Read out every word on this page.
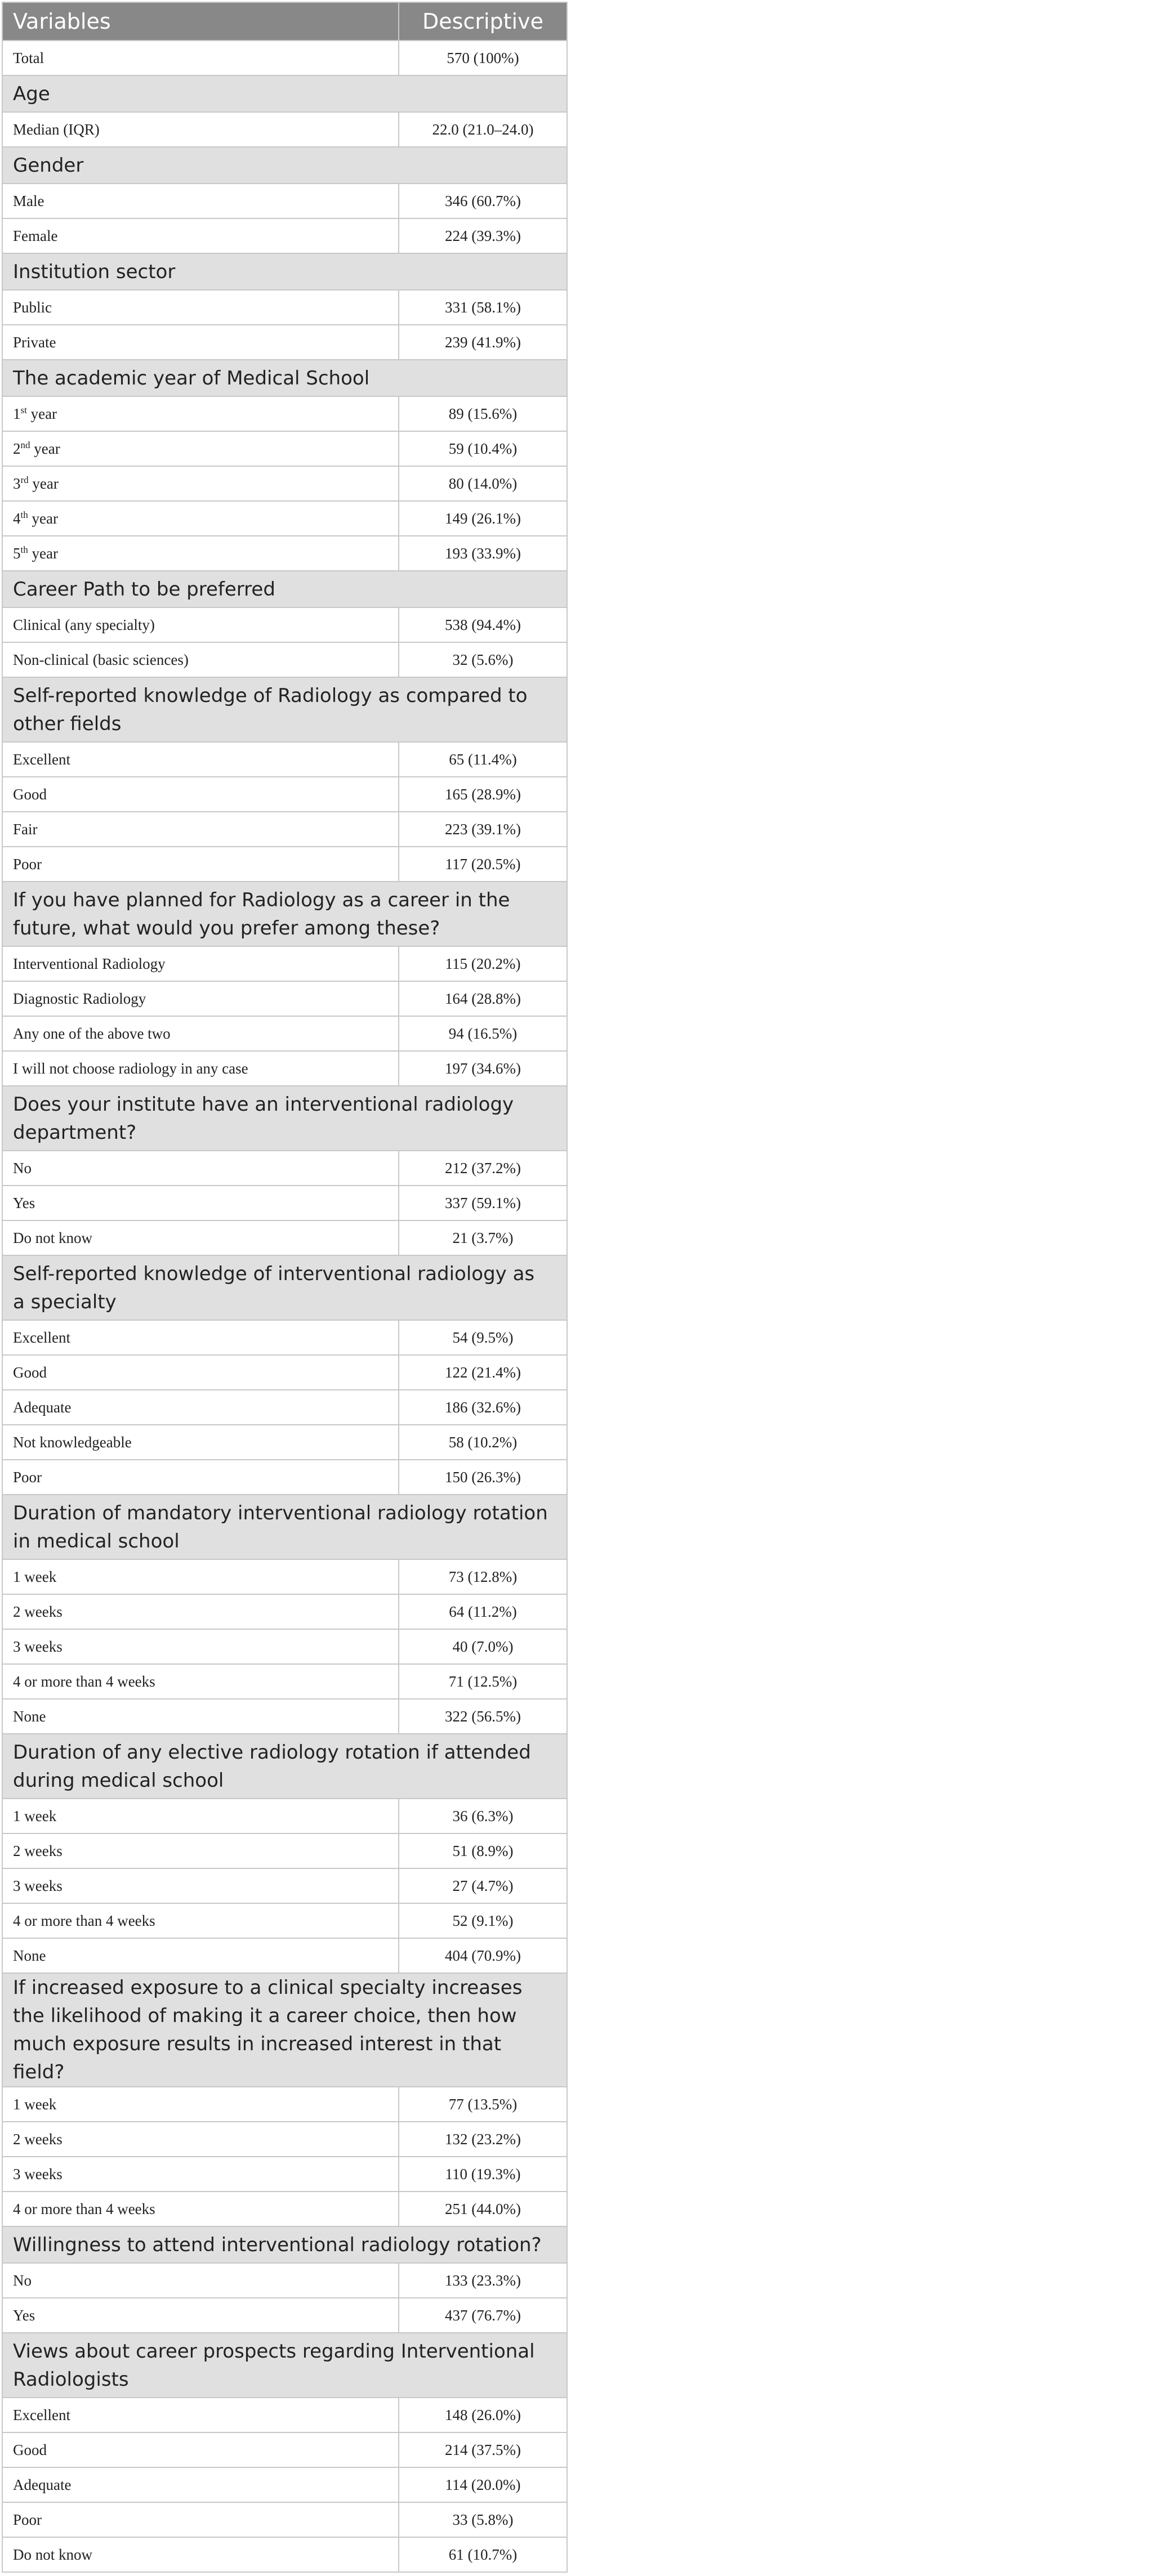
Variables	Descriptive
Total	570 (100%)
Age	
Median (IQR)	22.0 (21.0–24.0)
Gender	
Male	346 (60.7%)
Female	224 (39.3%)
Institution sector	
Public	331 (58.1%)
Private	239 (41.9%)
The academic year of Medical School	
1st year	89 (15.6%)
2nd year	59 (10.4%)
3rd year	80 (14.0%)
4th year	149 (26.1%)
5th year	193 (33.9%)
Career Path to be preferred	
Clinical (any specialty)	538 (94.4%)
Non-clinical (basic sciences)	32 (5.6%)
Self-reported knowledge of Radiology as compared to other fields	
Excellent	65 (11.4%)
Good	165 (28.9%)
Fair	223 (39.1%)
Poor	117 (20.5%)
If you have planned for Radiology as a career in the future, what would you prefer among these?	
Interventional Radiology	115 (20.2%)
Diagnostic Radiology	164 (28.8%)
Any one of the above two	94 (16.5%)
I will not choose radiology in any case	197 (34.6%)
Does your institute have an interventional radiology department?	
No	212 (37.2%)
Yes	337 (59.1%)
Do not know	21 (3.7%)
Self-reported knowledge of interventional radiology as a specialty	
Excellent	54 (9.5%)
Good	122 (21.4%)
Adequate	186 (32.6%)
Not knowledgeable	58 (10.2%)
Poor	150 (26.3%)
Duration of mandatory interventional radiology rotation in medical school	
1 week	73 (12.8%)
2 weeks	64 (11.2%)
3 weeks	40 (7.0%)
4 or more than 4 weeks	71 (12.5%)
None	322 (56.5%)
Duration of any elective radiology rotation if attended during medical school	
1 week	36 (6.3%)
2 weeks	51 (8.9%)
3 weeks	27 (4.7%)
4 or more than 4 weeks	52 (9.1%)
None	404 (70.9%)
If increased exposure to a clinical specialty increases the likelihood of making it a career choice, then how much exposure results in increased interest in that field?	
1 week	77 (13.5%)
2 weeks	132 (23.2%)
3 weeks	110 (19.3%)
4 or more than 4 weeks	251 (44.0%)
Willingness to attend interventional radiology rotation?	
No	133 (23.3%)
Yes	437 (76.7%)
Views about career prospects regarding Interventional Radiologists	
Excellent	148 (26.0%)
Good	214 (37.5%)
Adequate	114 (20.0%)
Poor	33 (5.8%)
Do not know	61 (10.7%)
